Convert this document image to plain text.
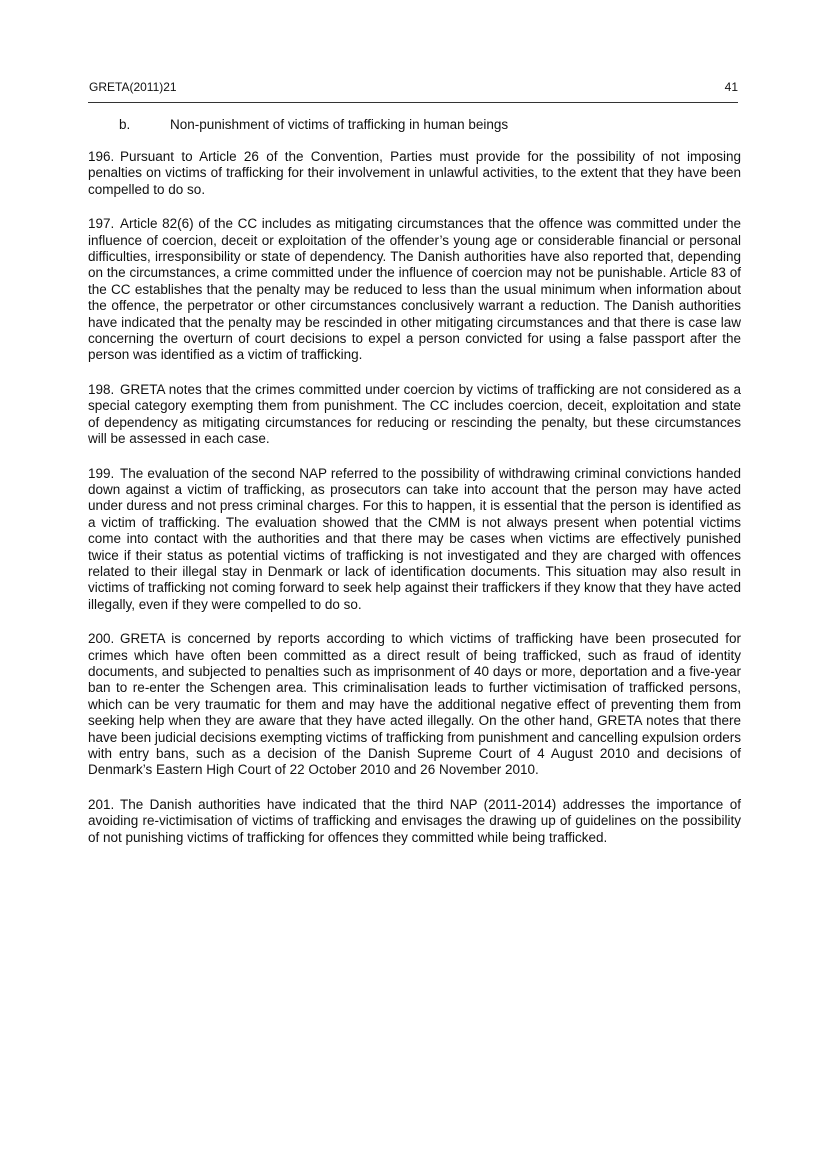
GRETA(2011)21	41
b.	Non-punishment of victims of trafficking in human beings

196. Pursuant to Article 26 of the Convention, Parties must provide for the possibility of not imposing penalties on victims of trafficking for their involvement in unlawful activities, to the extent that they have been compelled to do so.

197. Article 82(6) of the CC includes as mitigating circumstances that the offence was committed under the influence of coercion, deceit or exploitation of the offender’s young age or considerable financial or personal difficulties, irresponsibility or state of dependency. The Danish authorities have also reported that, depending on the circumstances, a crime committed under the influence of coercion may not be punishable. Article 83 of the CC establishes that the penalty may be reduced to less than the usual minimum when information about the offence, the perpetrator or other circumstances conclusively warrant a reduction. The Danish authorities have indicated that the penalty may be rescinded in other mitigating circumstances and that there is case law concerning the overturn of court decisions to expel a person convicted for using a false passport after the person was identified as a victim of trafficking.

198. GRETA notes that the crimes committed under coercion by victims of trafficking are not considered as a special category exempting them from punishment. The CC includes coercion, deceit, exploitation and state of dependency as mitigating circumstances for reducing or rescinding the penalty, but these circumstances will be assessed in each case.

199. The evaluation of the second NAP referred to the possibility of withdrawing criminal convictions handed down against a victim of trafficking, as prosecutors can take into account that the person may have acted under duress and not press criminal charges. For this to happen, it is essential that the person is identified as a victim of trafficking. The evaluation showed that the CMM is not always present when potential victims come into contact with the authorities and that there may be cases when victims are effectively punished twice if their status as potential victims of trafficking is not investigated and they are charged with offences related to their illegal stay in Denmark or lack of identification documents. This situation may also result in victims of trafficking not coming forward to seek help against their traffickers if they know that they have acted illegally, even if they were compelled to do so.

200. GRETA is concerned by reports according to which victims of trafficking have been prosecuted for crimes which have often been committed as a direct result of being trafficked, such as fraud of identity documents, and subjected to penalties such as imprisonment of 40 days or more, deportation and a five-year ban to re-enter the Schengen area. This criminalisation leads to further victimisation of trafficked persons, which can be very traumatic for them and may have the additional negative effect of preventing them from seeking help when they are aware that they have acted illegally. On the other hand, GRETA notes that there have been judicial decisions exempting victims of trafficking from punishment and cancelling expulsion orders with entry bans, such as a decision of the Danish Supreme Court of 4 August 2010 and decisions of Denmark’s Eastern High Court of 22 October 2010 and 26 November 2010.

201. The Danish authorities have indicated that the third NAP (2011-2014) addresses the importance of avoiding re-victimisation of victims of trafficking and envisages the drawing up of guidelines on the possibility of not punishing victims of trafficking for offences they committed while being trafficked.
